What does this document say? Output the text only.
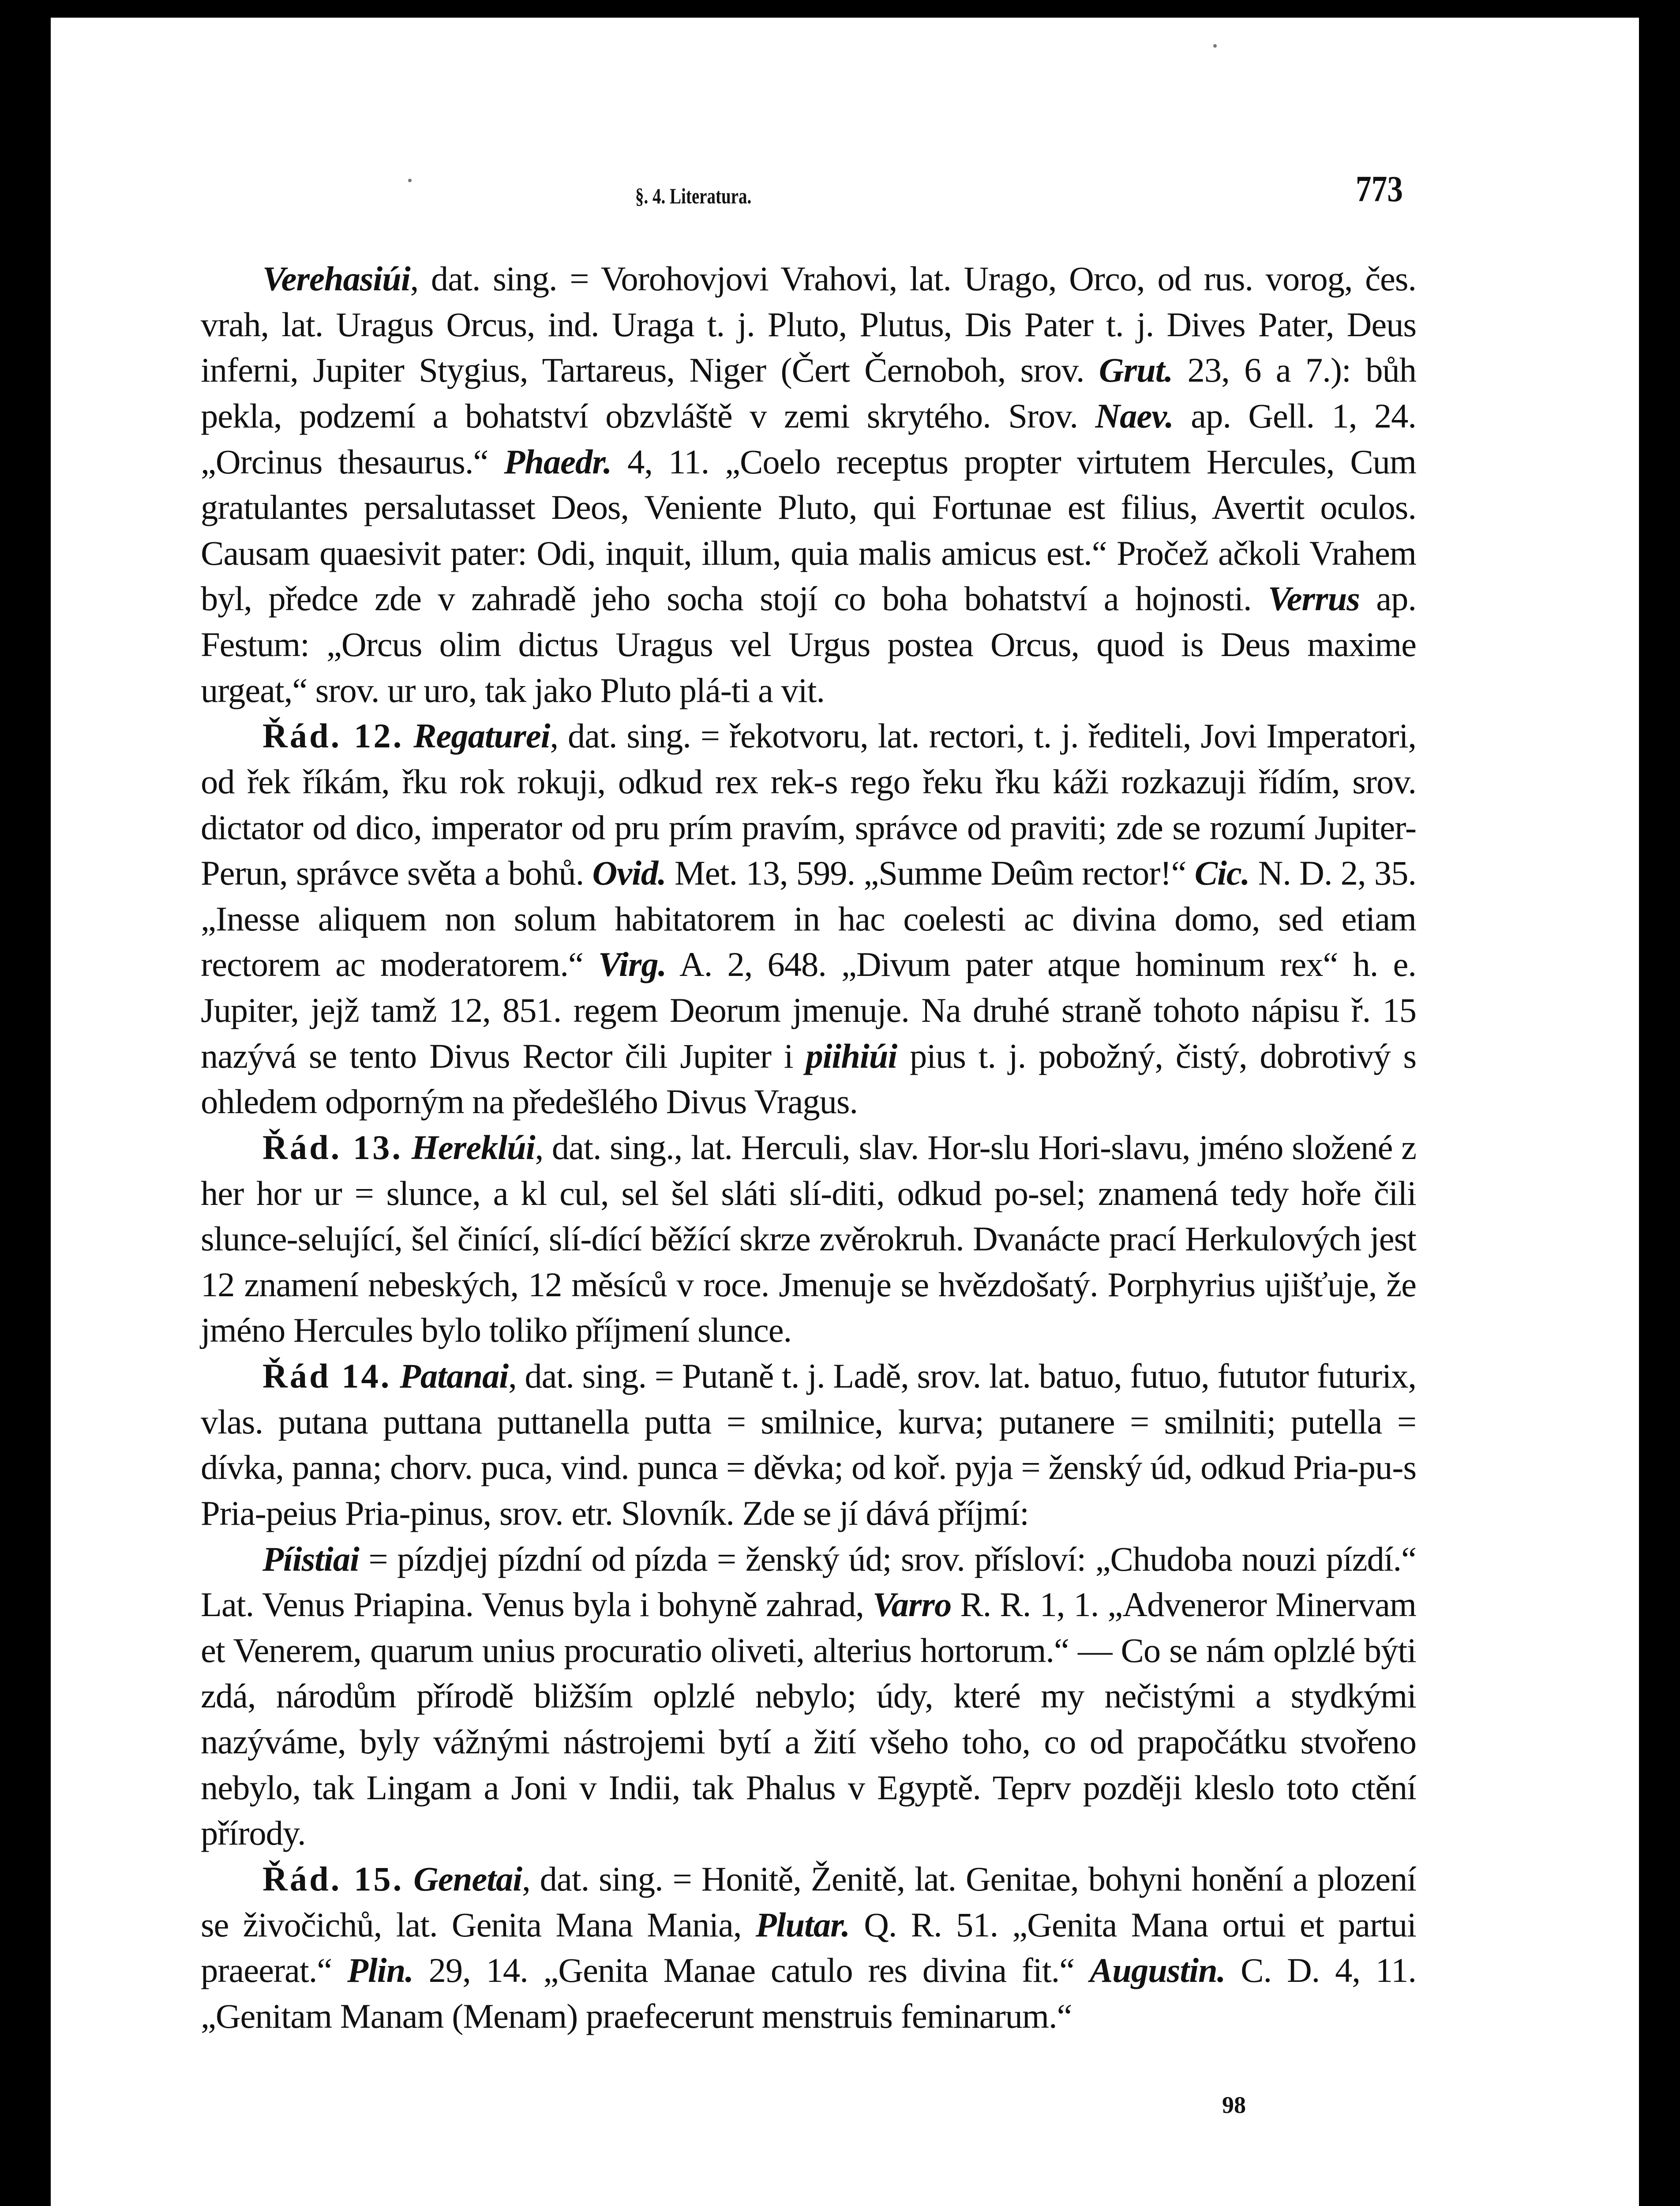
§. 4. Literatura.	773

Verehasiúi, dat. sing. = Vorohovjovi Vrahovi, lat. Urago, Orco, od rus. vorog, čes. vrah, lat. Uragus Orcus, ind. Uraga t. j. Pluto, Plutus, Dis Pater t. j. Dives Pater, Deus inferni, Jupiter Stygius, Tartareus, Niger (Čert Černoboh, srov. Grut. 23, 6 a 7.): bůh pekla, podzemí a bohatství obzvláště v zemi skrytého. Srov. Naev. ap. Gell. 1, 24. „Orcinus thesaurus.“ Phaedr. 4, 11. „Coelo receptus propter virtutem Hercules, Cum gratulantes persalutasset Deos, Veniente Pluto, qui Fortunae est filius, Avertit oculos. Causam quaesivit pater: Odi, inquit, illum, quia malis amicus est.“ Pročež ačkoli Vrahem byl, předce zde v zahradě jeho socha stojí co boha bohatství a hojnosti. Verrus ap. Festum: „Orcus olim dictus Uragus vel Urgus postea Orcus, quod is Deus maxime urgeat,“ srov. ur uro, tak jako Pluto plá-ti a vit.

Řád. 12. Regaturei, dat. sing. = řekotvoru, lat. rectori, t. j. řediteli, Jovi Imperatori, od řek říkám, řku rok rokuji, odkud rex rek-s rego řeku řku káži rozkazuji řídím, srov. dictator od dico, imperator od pru prím pravím, správce od praviti; zde se rozumí Jupiter-Perun, správce světa a bohů. Ovid. Met. 13, 599. „Summe Deûm rector!“ Cic. N. D. 2, 35. „Inesse aliquem non solum habitatorem in hac coelesti ac divina domo, sed etiam rectorem ac moderatorem.“ Virg. A. 2, 648. „Divum pater atque hominum rex“ h. e. Jupiter, jejž tamž 12, 851. regem Deorum jmenuje. Na druhé straně tohoto nápisu ř. 15 nazývá se tento Divus Rector čili Jupiter i piihiúi pius t. j. pobožný, čistý, dobrotivý s ohledem odporným na předešlého Divus Vragus.

Řád. 13. Hereklúi, dat. sing., lat. Herculi, slav. Hor-slu Hori-slavu, jméno složené z her hor ur = slunce, a kl cul, sel šel sláti slí-diti, odkud po-sel; znamená tedy hoře čili slunce-selující, šel činící, slí-dící běžící skrze zvěrokruh. Dvanácte prací Herkulových jest 12 znamení nebeských, 12 měsíců v roce. Jmenuje se hvězdošatý. Porphyrius ujišťuje, že jméno Hercules bylo toliko příjmení slunce.

Řád 14. Patanai, dat. sing. = Putaně t. j. Ladě, srov. lat. batuo, futuo, fututor futurix, vlas. putana puttana puttanella putta = smilnice, kurva; putanere = smilniti; putella = dívka, panna; chorv. puca, vind. punca = děvka; od koř. pyja = ženský úd, odkud Pria-pu-s Pria-peius Pria-pinus, srov. etr. Slovník. Zde se jí dává příjmí:

Píistiai = pízdjej pízdní od pízda = ženský úd; srov. přísloví: „Chudoba nouzi pízdí.“ Lat. Venus Priapina. Venus byla i bohyně zahrad, Varro R. R. 1, 1. „Adveneror Minervam et Venerem, quarum unius procuratio oliveti, alterius hortorum.“ — Co se nám oplzlé býti zdá, národům přírodě bližším oplzlé nebylo; údy, které my nečistými a stydkými nazýváme, byly vážnými nástrojemi bytí a žití všeho toho, co od prapočátku stvořeno nebylo, tak Lingam a Joni v Indii, tak Phalus v Egyptě. Teprv později kleslo toto ctění přírody.

Řád. 15. Genetai, dat. sing. = Honitě, Ženitě, lat. Genitae, bohyni honění a plození se živočichů, lat. Genita Mana Mania, Plutar. Q. R. 51. „Genita Mana ortui et partui praeerat.“ Plin. 29, 14. „Genita Manae catulo res divina fit.“ Augustin. C. D. 4, 11. „Genitam Manam (Menam) praefecerunt menstruis feminarum.“

98
